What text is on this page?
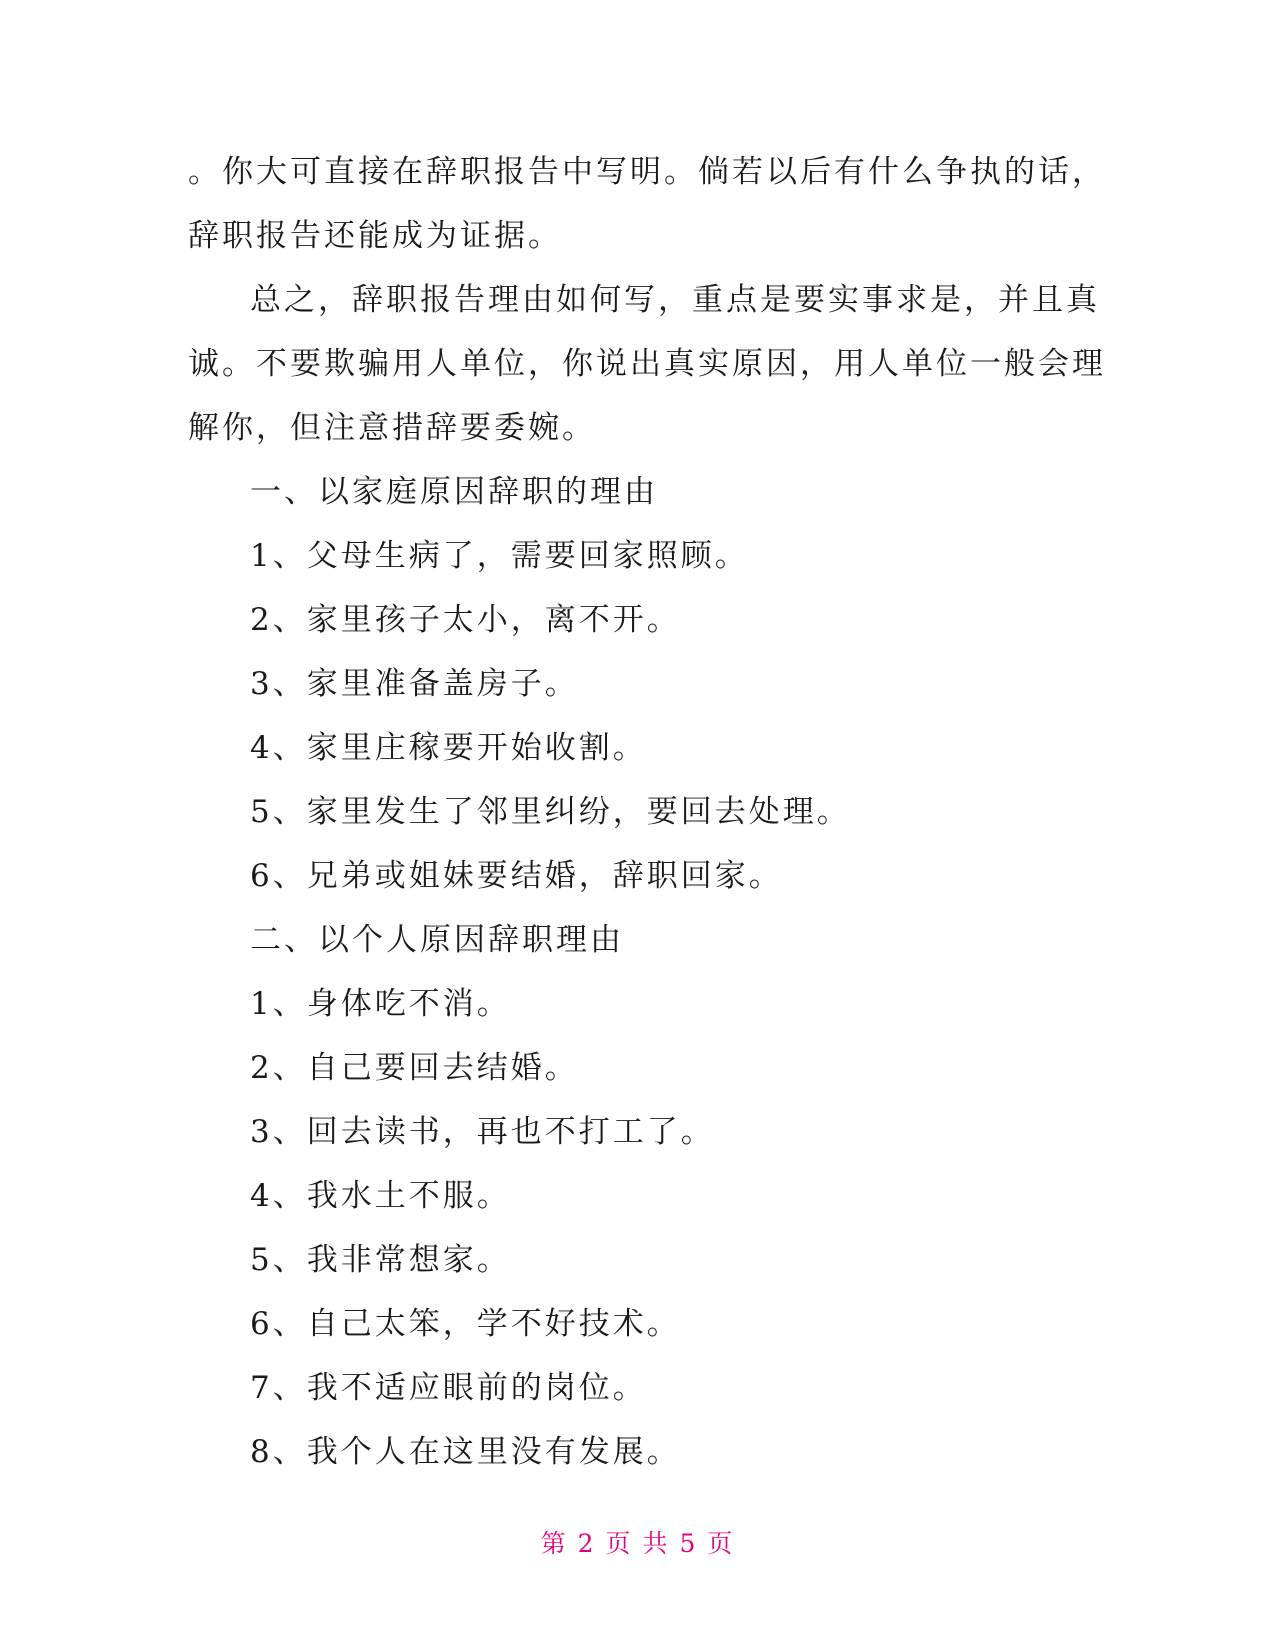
。你大可直接在辞职报告中写明。倘若以后有什么争执的话，
辞职报告还能成为证据。
总之，辞职报告理由如何写，重点是要实事求是，并且真
诚。不要欺骗用人单位，你说出真实原因，用人单位一般会理
解你，但注意措辞要委婉。
一、以家庭原因辞职的理由
1、父母生病了，需要回家照顾。
2、家里孩子太小，离不开。
3、家里准备盖房子。
4、家里庄稼要开始收割。
5、家里发生了邻里纠纷，要回去处理。
6、兄弟或姐妹要结婚，辞职回家。
二、以个人原因辞职理由
1、身体吃不消。
2、自己要回去结婚。
3、回去读书，再也不打工了。
4、我水土不服。
5、我非常想家。
6、自己太笨，学不好技术。
7、我不适应眼前的岗位。
8、我个人在这里没有发展。
第 2 页 共 5 页
